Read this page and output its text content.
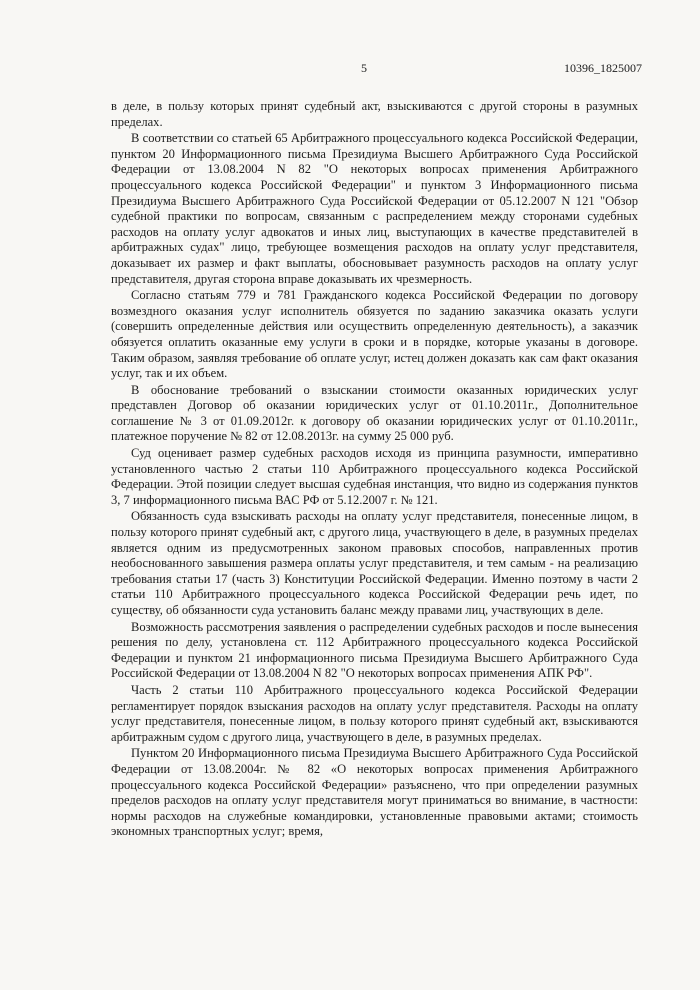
5	10396_1825007

в деле, в пользу которых принят судебный акт, взыскиваются с другой стороны в разумных пределах.

В соответствии со статьей 65 Арбитражного процессуального кодекса Российской Федерации, пунктом 20 Информационного письма Президиума Высшего Арбитражного Суда Российской Федерации от 13.08.2004 N 82 "О некоторых вопросах применения Арбитражного процессуального кодекса Российской Федерации" и пунктом 3 Информационного письма Президиума Высшего Арбитражного Суда Российской Федерации от 05.12.2007 N 121 "Обзор судебной практики по вопросам, связанным с распределением между сторонами судебных расходов на оплату услуг адвокатов и иных лиц, выступающих в качестве представителей в арбитражных судах" лицо, требующее возмещения расходов на оплату услуг представителя, доказывает их размер и факт выплаты, обосновывает разумность расходов на оплату услуг представителя, другая сторона вправе доказывать их чрезмерность.

Согласно статьям 779 и 781 Гражданского кодекса Российской Федерации по договору возмездного оказания услуг исполнитель обязуется по заданию заказчика оказать услуги (совершить определенные действия или осуществить определенную деятельность), а заказчик обязуется оплатить оказанные ему услуги в сроки и в порядке, которые указаны в договоре. Таким образом, заявляя требование об оплате услуг, истец должен доказать как сам факт оказания услуг, так и их объем.

В обоснование требований о взыскании стоимости оказанных юридических услуг представлен Договор об оказании юридических услуг от 01.10.2011г., Дополнительное соглашение № 3 от 01.09.2012г. к договору об оказании юридических услуг от 01.10.2011г., платежное поручение № 82 от 12.08.2013г. на сумму 25 000 руб.

Суд оценивает размер судебных расходов исходя из принципа разумности, императивно установленного частью 2 статьи 110 Арбитражного процессуального кодекса Российской Федерации. Этой позиции следует высшая судебная инстанция, что видно из содержания пунктов 3, 7 информационного письма ВАС РФ от 5.12.2007 г. № 121.

Обязанность суда взыскивать расходы на оплату услуг представителя, понесенные лицом, в пользу которого принят судебный акт, с другого лица, участвующего в деле, в разумных пределах является одним из предусмотренных законом правовых способов, направленных против необоснованного завышения размера оплаты услуг представителя, и тем самым - на реализацию требования статьи 17 (часть 3) Конституции Российской Федерации. Именно поэтому в части 2 статьи 110 Арбитражного процессуального кодекса Российской Федерации речь идет, по существу, об обязанности суда установить баланс между правами лиц, участвующих в деле.

Возможность рассмотрения заявления о распределении судебных расходов и после вынесения решения по делу, установлена ст. 112 Арбитражного процессуального кодекса Российской Федерации и пунктом 21 информационного письма Президиума Высшего Арбитражного Суда Российской Федерации от 13.08.2004 N 82 "О некоторых вопросах применения АПК РФ".

Часть 2 статьи 110 Арбитражного процессуального кодекса Российской Федерации регламентирует порядок взыскания расходов на оплату услуг представителя. Расходы на оплату услуг представителя, понесенные лицом, в пользу которого принят судебный акт, взыскиваются арбитражным судом с другого лица, участвующего в деле, в разумных пределах.

Пунктом 20 Информационного письма Президиума Высшего Арбитражного Суда Российской Федерации от 13.08.2004г. № 82 «О некоторых вопросах применения Арбитражного процессуального кодекса Российской Федерации» разъяснено, что при определении разумных пределов расходов на оплату услуг представителя могут приниматься во внимание, в частности: нормы расходов на служебные командировки, установленные правовыми актами; стоимость экономных транспортных услуг; время,
